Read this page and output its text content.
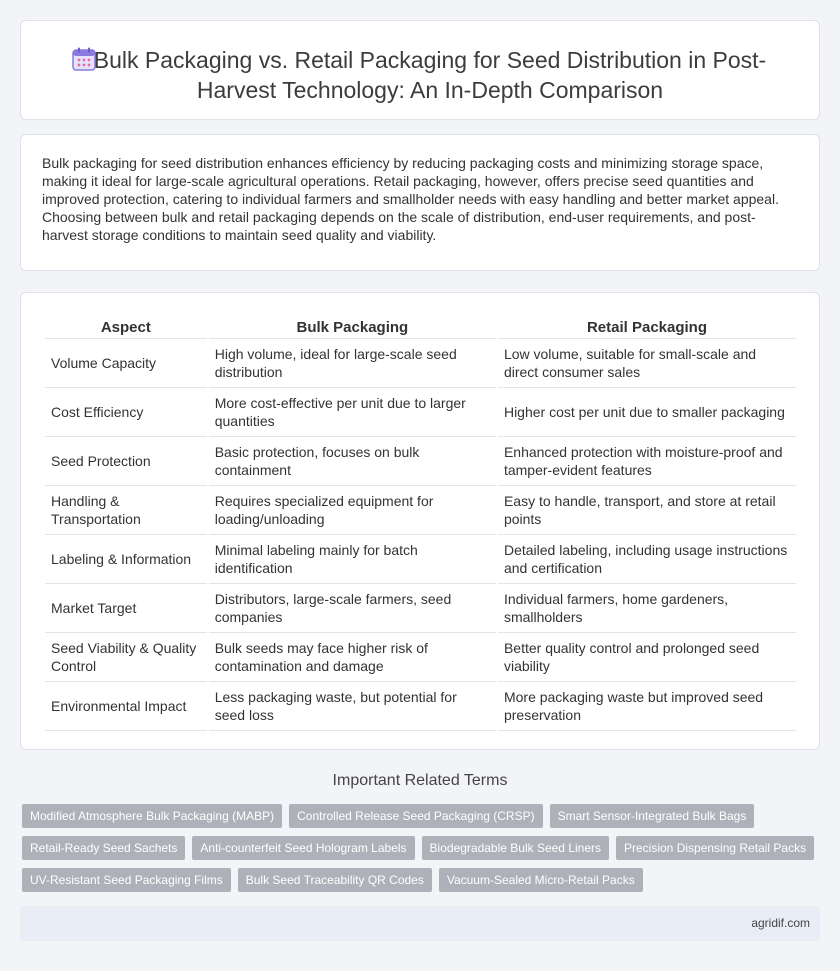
Bulk Packaging vs. Retail Packaging for Seed Distribution in Post-Harvest Technology: An In-Depth Comparison

Bulk packaging for seed distribution enhances efficiency by reducing packaging costs and minimizing storage space, making it ideal for large-scale agricultural operations. Retail packaging, however, offers precise seed quantities and improved protection, catering to individual farmers and smallholder needs with easy handling and better market appeal. Choosing between bulk and retail packaging depends on the scale of distribution, end-user requirements, and post-harvest storage conditions to maintain seed quality and viability.

Aspect	Bulk Packaging	Retail Packaging
Volume Capacity	High volume, ideal for large-scale seed distribution	Low volume, suitable for small-scale and direct consumer sales
Cost Efficiency	More cost-effective per unit due to larger quantities	Higher cost per unit due to smaller packaging
Seed Protection	Basic protection, focuses on bulk containment	Enhanced protection with moisture-proof and tamper-evident features
Handling & Transportation	Requires specialized equipment for loading/unloading	Easy to handle, transport, and store at retail points
Labeling & Information	Minimal labeling mainly for batch identification	Detailed labeling, including usage instructions and certification
Market Target	Distributors, large-scale farmers, seed companies	Individual farmers, home gardeners, smallholders
Seed Viability & Quality Control	Bulk seeds may face higher risk of contamination and damage	Better quality control and prolonged seed viability
Environmental Impact	Less packaging waste, but potential for seed loss	More packaging waste but improved seed preservation
Important Related Terms
Modified Atmosphere Bulk Packaging (MABP)	Controlled Release Seed Packaging (CRSP)	Smart Sensor-Integrated Bulk Bags
Retail-Ready Seed Sachets	Anti-counterfeit Seed Hologram Labels	Biodegradable Bulk Seed Liners	Precision Dispensing Retail Packs
UV-Resistant Seed Packaging Films	Bulk Seed Traceability QR Codes	Vacuum-Sealed Micro-Retail Packs
agridif.com
